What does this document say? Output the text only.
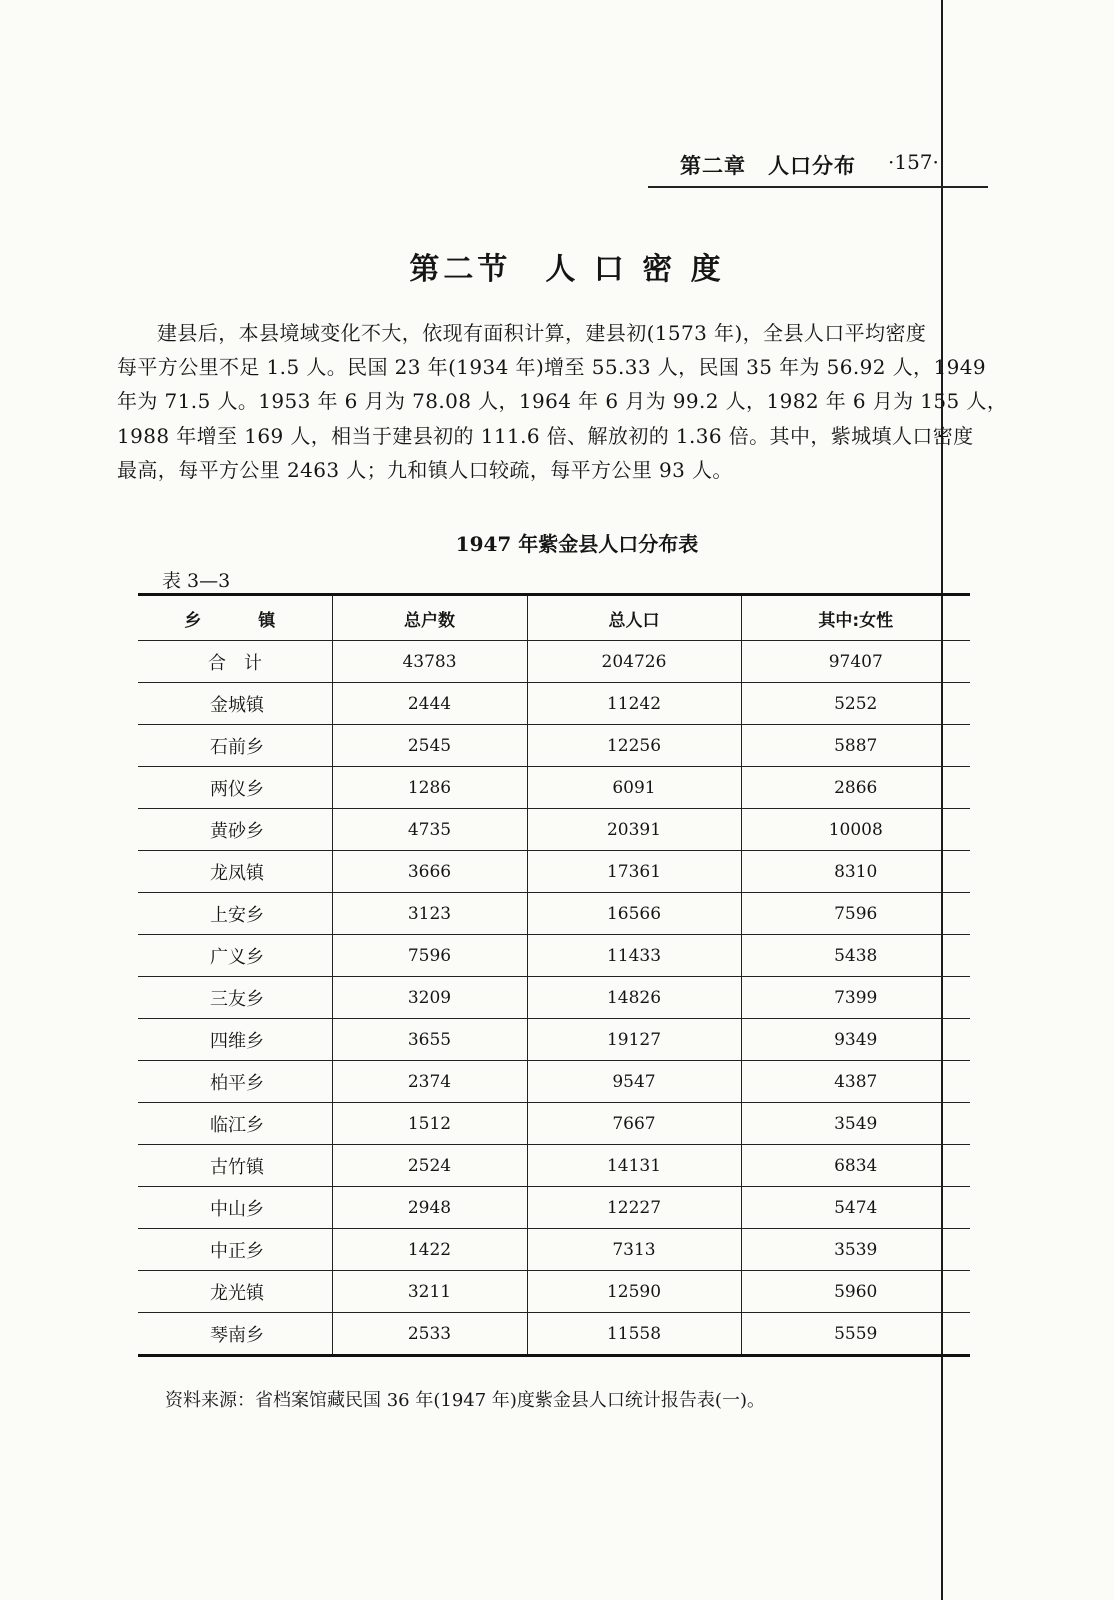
第二章　人口分布 ·157·
第二节　人 口 密 度
建县后，本县境域变化不大，依现有面积计算，建县初(1573 年)，全县人口平均密度
每平方公里不足 1.5 人。民国 23 年(1934 年)增至 55.33 人，民国 35 年为 56.92 人，1949
年为 71.5 人。1953 年 6 月为 78.08 人，1964 年 6 月为 99.2 人，1982 年 6 月为 155 人，
1988 年增至 169 人，相当于建县初的 111.6 倍、解放初的 1.36 倍。其中，紫城填人口密度
最高，每平方公里 2463 人；九和镇人口较疏，每平方公里 93 人。
1947 年紫金县人口分布表
表 3—3
乡　镇	总户数	总人口	其中:女性
合计	43783	204726	97407
金城镇	2444	11242	5252
石前乡	2545	12256	5887
两仪乡	1286	6091	2866
黄砂乡	4735	20391	10008
龙凤镇	3666	17361	8310
上安乡	3123	16566	7596
广义乡	7596	11433	5438
三友乡	3209	14826	7399
四维乡	3655	19127	9349
柏平乡	2374	9547	4387
临江乡	1512	7667	3549
古竹镇	2524	14131	6834
中山乡	2948	12227	5474
中正乡	1422	7313	3539
龙光镇	3211	12590	5960
琴南乡	2533	11558	5559
资料来源：省档案馆藏民国 36 年(1947 年)度紫金县人口统计报告表(一)。
